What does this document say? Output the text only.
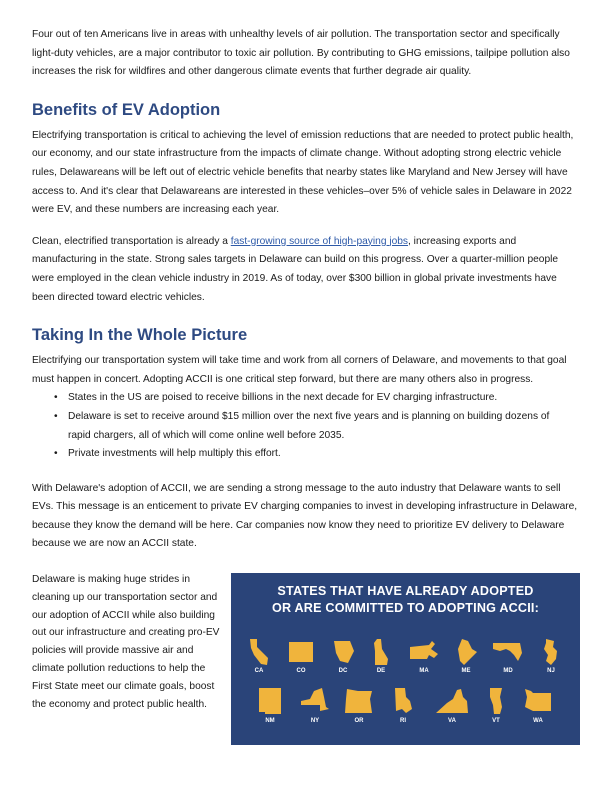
Four out of ten Americans live in areas with unhealthy levels of air pollution. The transportation sector and specifically light-duty vehicles, are a major contributor to toxic air pollution. By contributing to GHG emissions, tailpipe pollution also increases the risk for wildfires and other dangerous climate events that further degrade air quality.

Benefits of EV Adoption

Electrifying transportation is critical to achieving the level of emission reductions that are needed to protect public health, our economy, and our state infrastructure from the impacts of climate change. Without adopting strong electric vehicle rules, Delawareans will be left out of electric vehicle benefits that nearby states like Maryland and New Jersey will have access to. And it's clear that Delawareans are interested in these vehicles–over 5% of vehicle sales in Delaware in 2022 were EV, and these numbers are increasing each year.

Clean, electrified transportation is already a fast-growing source of high-paying jobs, increasing exports and manufacturing in the state. Strong sales targets in Delaware can build on this progress. Over a quarter-million people were employed in the clean vehicle industry in 2019. As of today, over $300 billion in global private investments have been directed toward electric vehicles.

Taking In the Whole Picture

Electrifying our transportation system will take time and work from all corners of Delaware, and movements to that goal must happen in concert. Adopting ACCII is one critical step forward, but there are many others also in progress.

• States in the US are poised to receive billions in the next decade for EV charging infrastructure.
• Delaware is set to receive around $15 million over the next five years and is planning on building dozens of rapid chargers, all of which will come online well before 2035.
• Private investments will help multiply this effort.

With Delaware's adoption of ACCII, we are sending a strong message to the auto industry that Delaware wants to sell EVs. This message is an enticement to private EV charging companies to invest in developing infrastructure in Delaware, because they know the demand will be here. Car companies now know they need to prioritize EV delivery to Delaware because we are now an ACCII state.

Delaware is making huge strides in cleaning up our transportation sector and our adoption of ACCII while also building out our infrastructure and creating pro-EV policies will provide massive air and climate pollution reductions to help the First State meet our climate goals, boost the economy and protect public health.

STATES THAT HAVE ALREADY ADOPTED
OR ARE COMMITTED TO ADOPTING ACCII:
CA	CO	DC	DE	MA	ME	MD	NJ
NM	NY	OR	RI	VA	VT	WA
